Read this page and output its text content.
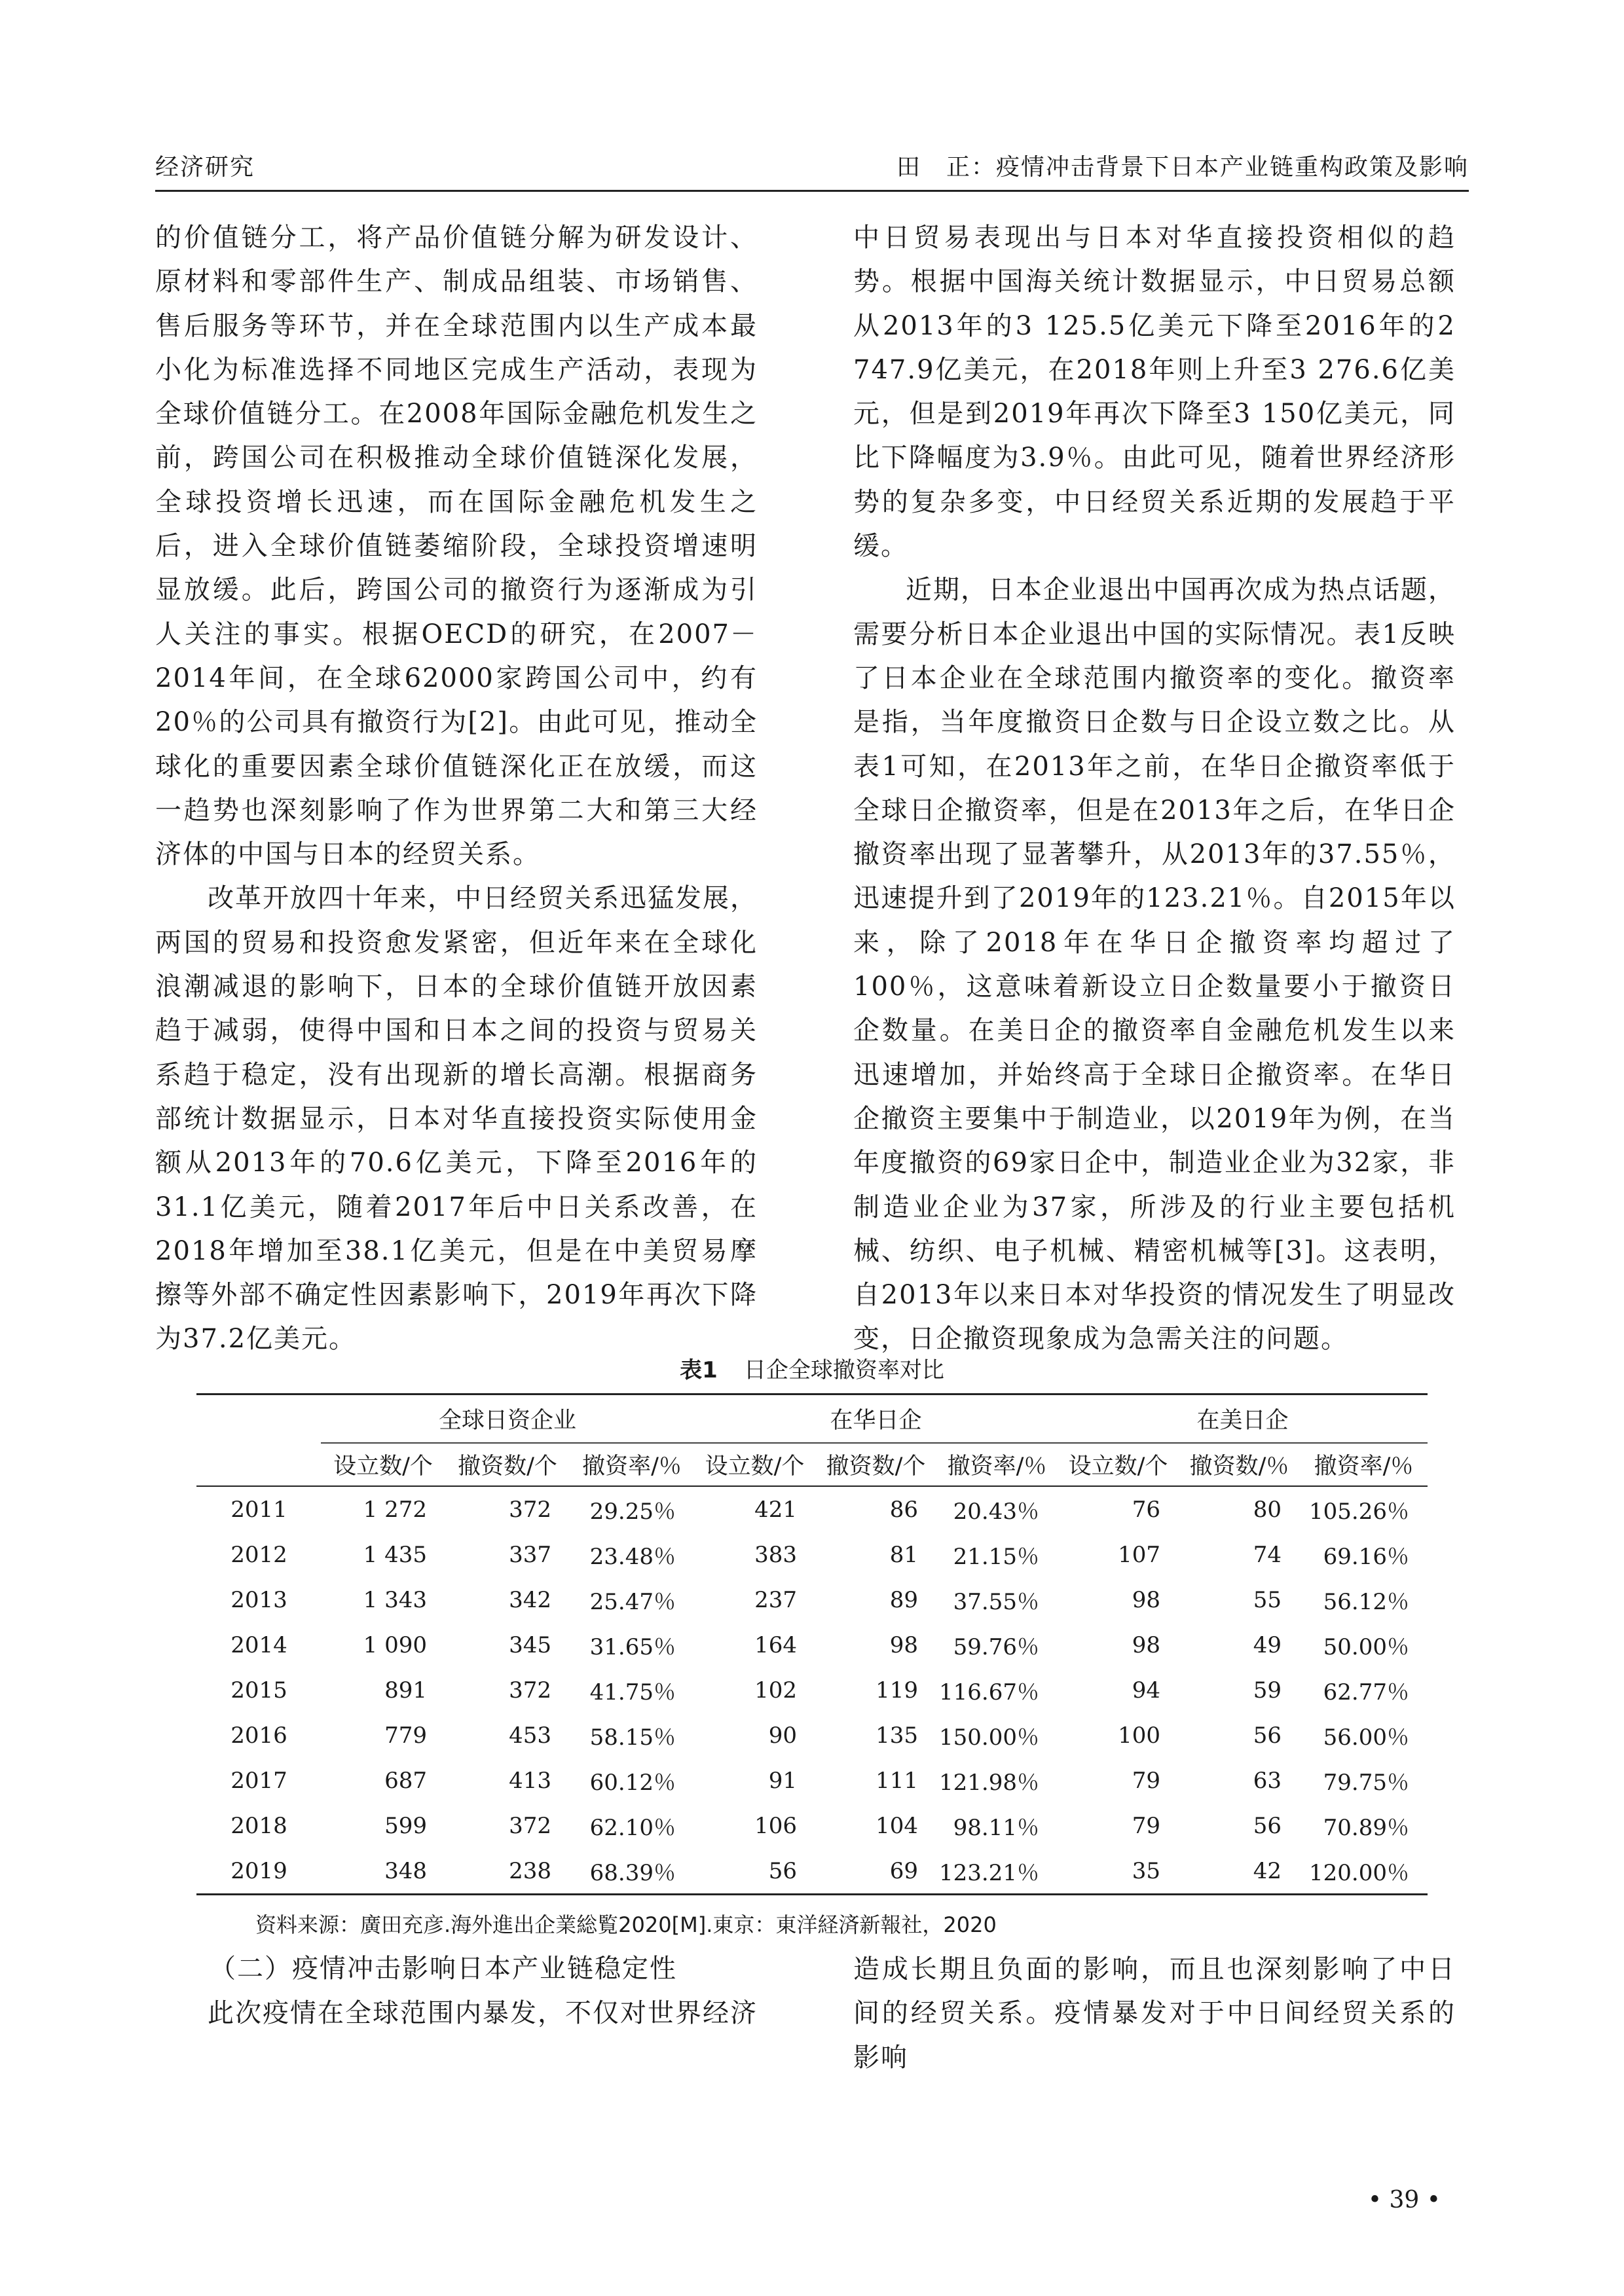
经济研究	田　正：疫情冲击背景下日本产业链重构政策及影响

的价值链分工，将产品价值链分解为研发设计、原材料和零部件生产、制成品组装、市场销售、售后服务等环节，并在全球范围内以生产成本最小化为标准选择不同地区完成生产活动，表现为全球价值链分工。在2008年国际金融危机发生之前，跨国公司在积极推动全球价值链深化发展，全球投资增长迅速，而在国际金融危机发生之后，进入全球价值链萎缩阶段，全球投资增速明显放缓。此后，跨国公司的撤资行为逐渐成为引人关注的事实。根据OECD的研究，在2007－2014年间，在全球62000家跨国公司中，约有20％的公司具有撤资行为[2]。由此可见，推动全球化的重要因素全球价值链深化正在放缓，而这一趋势也深刻影响了作为世界第二大和第三大经济体的中国与日本的经贸关系。

改革开放四十年来，中日经贸关系迅猛发展，两国的贸易和投资愈发紧密，但近年来在全球化浪潮减退的影响下，日本的全球价值链开放因素趋于减弱，使得中国和日本之间的投资与贸易关系趋于稳定，没有出现新的增长高潮。根据商务部统计数据显示，日本对华直接投资实际使用金额从2013年的70.6亿美元，下降至2016年的31.1亿美元，随着2017年后中日关系改善，在2018年增加至38.1亿美元，但是在中美贸易摩擦等外部不确定性因素影响下，2019年再次下降为37.2亿美元。

中日贸易表现出与日本对华直接投资相似的趋势。根据中国海关统计数据显示，中日贸易总额从2013年的3 125.5亿美元下降至2016年的2 747.9亿美元，在2018年则上升至3 276.6亿美元，但是到2019年再次下降至3 150亿美元，同比下降幅度为3.9％。由此可见，随着世界经济形势的复杂多变，中日经贸关系近期的发展趋于平缓。

近期，日本企业退出中国再次成为热点话题，需要分析日本企业退出中国的实际情况。表1反映了日本企业在全球范围内撤资率的变化。撤资率是指，当年度撤资日企数与日企设立数之比。从表1可知，在2013年之前，在华日企撤资率低于全球日企撤资率，但是在2013年之后，在华日企撤资率出现了显著攀升，从2013年的37.55％，迅速提升到了2019年的123.21％。自2015年以来，除了2018年在华日企撤资率均超过了100％，这意味着新设立日企数量要小于撤资日企数量。在美日企的撤资率自金融危机发生以来迅速增加，并始终高于全球日企撤资率。在华日企撤资主要集中于制造业，以2019年为例，在当年度撤资的69家日企中，制造业企业为32家，非制造业企业为37家，所涉及的行业主要包括机械、纺织、电子机械、精密机械等[3]。这表明，自2013年以来日本对华投资的情况发生了明显改变，日企撤资现象成为急需关注的问题。

表1 日企全球撤资率对比
	全球日资企业			在华日企			在美日企		
	设立数/个	撤资数/个	撤资率/％	设立数/个	撤资数/个	撤资率/％	设立数/个	撤资数/％	撤资率/％
2011	1 272	372	29.25％	421	86	20.43％	76	80	105.26％
2012	1 435	337	23.48％	383	81	21.15％	107	74	69.16％
2013	1 343	342	25.47％	237	89	37.55％	98	55	56.12％
2014	1 090	345	31.65％	164	98	59.76％	98	49	50.00％
2015	891	372	41.75％	102	119	116.67％	94	59	62.77％
2016	779	453	58.15％	90	135	150.00％	100	56	56.00％
2017	687	413	60.12％	91	111	121.98％	79	63	79.75％
2018	599	372	62.10％	106	104	98.11％	79	56	70.89％
2019	348	238	68.39％	56	69	123.21％	35	42	120.00％
资料来源：廣田充彦.海外進出企業総覧2020[M].東京：東洋経済新報社，2020
（二）疫情冲击影响日本产业链稳定性

此次疫情在全球范围内暴发，不仅对世界经济

造成长期且负面的影响，而且也深刻影响了中日间的经贸关系。疫情暴发对于中日间经贸关系的影响

• 39 •
